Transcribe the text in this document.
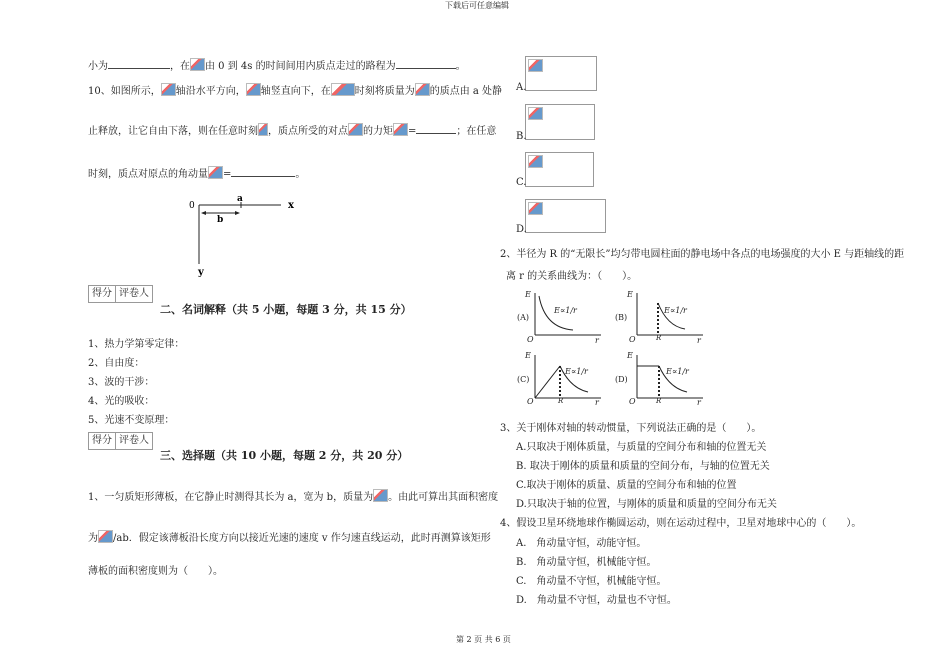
下载后可任意编辑
小为	，在 由 0 到 4s 的时间间用内质点走过的路程为	。
10、如图所示， 轴沿水平方向， 轴竖直向下，在 时刻将质量为 的质点由 a 处静
止释放，让它自由下落，则在任意时刻 ，质点所受的对点 的力矩 =	；在任意
时刻，质点对原点的角动量 =	。
0
a
b
x
y
得分 评卷人
二、名词解释（共 5 小题，每题 3 分，共 15 分）
1、热力学第零定律：
2、自由度：
3、波的干涉：
4、光的吸收：
5、光速不变原理：
得分 评卷人
三、选择题（共 10 小题，每题 2 分，共 20 分）
1、一匀质矩形薄板，在它静止时测得其长为 a，宽为 b，质量为 。由此可算出其面积密度
为 /ab．假定该薄板沿长度方向以接近光速的速度 v 作匀速直线运动，此时再测算该矩形
薄板的面积密度则为（　　）。
A.
B.
C.
D.
2、半径为 R 的“无限长”均匀带电圆柱面的静电场中各点的电场强度的大小 E 与距轴线的距
离 r 的关系曲线为：（　　）。
(A)
E
O	r
E∝1/r
(B)
E
O	r
R
E∝1/r
(C)
E
O	r
R
E∝1/r
(D)
E
O	r
R
E∝1/r
3、关于刚体对轴的转动惯量，下列说法正确的是（　　）。
A.只取决于刚体质量，与质量的空间分布和轴的位置无关
B. 取决于刚体的质量和质量的空间分布，与轴的位置无关
C.取决于刚体的质量、质量的空间分布和轴的位置
D.只取决于轴的位置，与刚体的质量和质量的空间分布无关
4、假设卫星环绕地球作椭圆运动，则在运动过程中，卫星对地球中心的（　　）。
A.　角动量守恒，动能守恒。
B.　角动量守恒，机械能守恒。
C.　角动量不守恒，机械能守恒。
D.　角动量不守恒，动量也不守恒。
第 2 页 共 6 页
